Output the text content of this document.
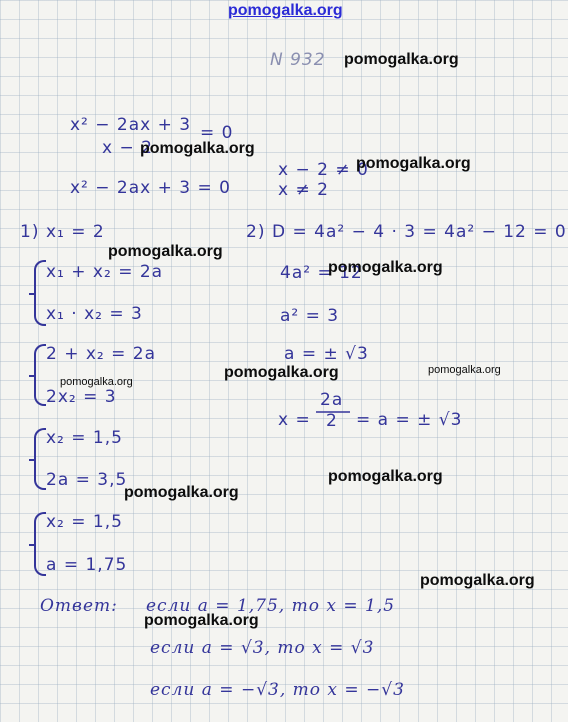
pomogalka.org
N 932 pomogalka.org
x² − 2ax + 3 = 0
x − 2
pomogalka.org
x² − 2ax + 3 = 0
x − 2 ≠ 0
pomogalka.org
x ≠ 2
1) x₁ = 2
pomogalka.org
x₁ + x₂ = 2a
x₁ · x₂ = 3
2 + x₂ = 2a
pomogalka.org
2x₂ = 3
x₂ = 1,5
2a = 3,5
pomogalka.org
x₂ = 1,5
a = 1,75
2) D = 4a² − 4 · 3 = 4a² − 12 = 0
4a² = 12
pomogalka.org
a² = 3
a = ± √3
pomogalka.org
pomogalka.org
x =
2a
2 = a = ± √3
pomogalka.org
pomogalka.org
Ответ: если a = 1,75, то x = 1,5
pomogalka.org
если a = √3, то x = √3
если a = −√3, то x = −√3
